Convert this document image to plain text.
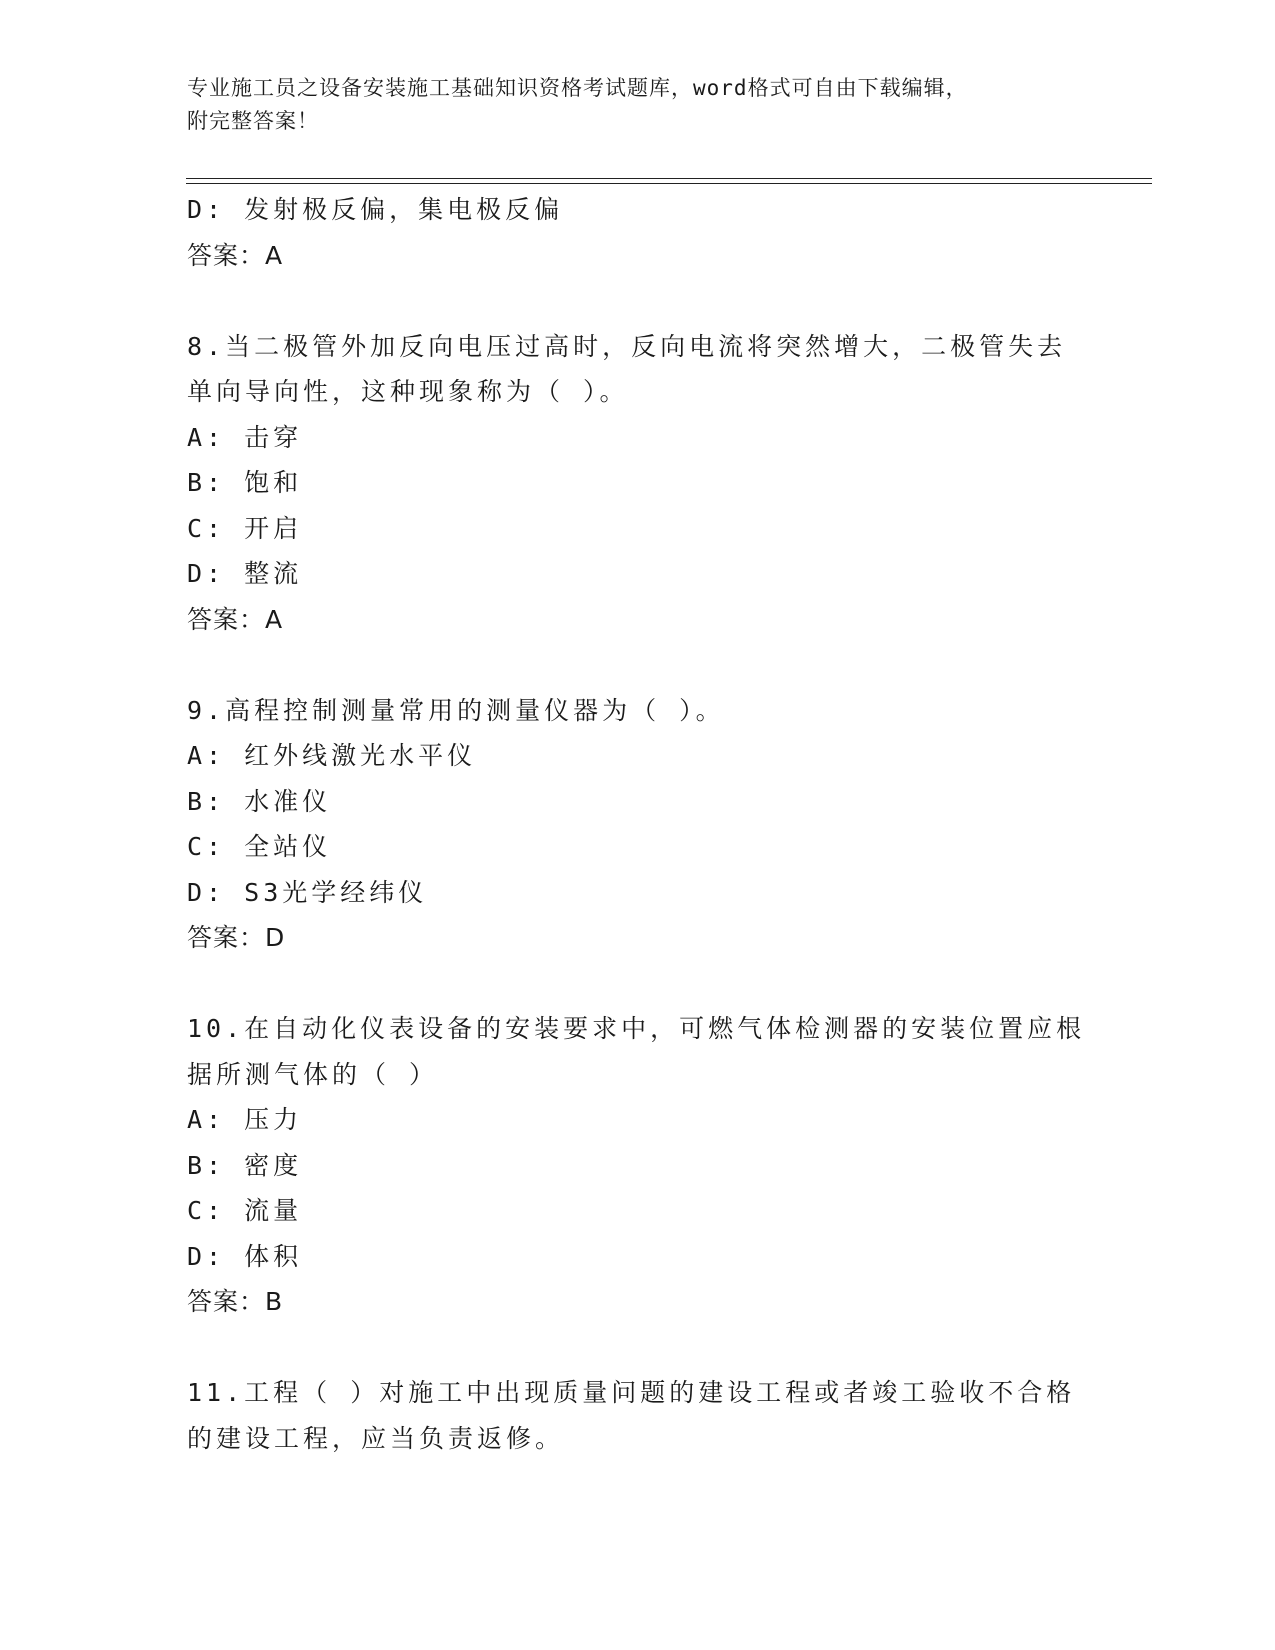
专业施工员之设备安装施工基础知识资格考试题库，word格式可自由下载编辑，
附完整答案！
D: 发射极反偏，集电极反偏
答案：A
8.当二极管外加反向电压过高时，反向电流将突然增大，二极管失去
单向导向性，这种现象称为（ ）。
A: 击穿
B: 饱和
C: 开启
D: 整流
答案：A
9.高程控制测量常用的测量仪器为（ ）。
A: 红外线激光水平仪
B: 水准仪
C: 全站仪
D: S3光学经纬仪
答案：D
10.在自动化仪表设备的安装要求中，可燃气体检测器的安装位置应根
据所测气体的（ ）
A: 压力
B: 密度
C: 流量
D: 体积
答案：B
11.工程（ ）对施工中出现质量问题的建设工程或者竣工验收不合格
的建设工程，应当负责返修。
